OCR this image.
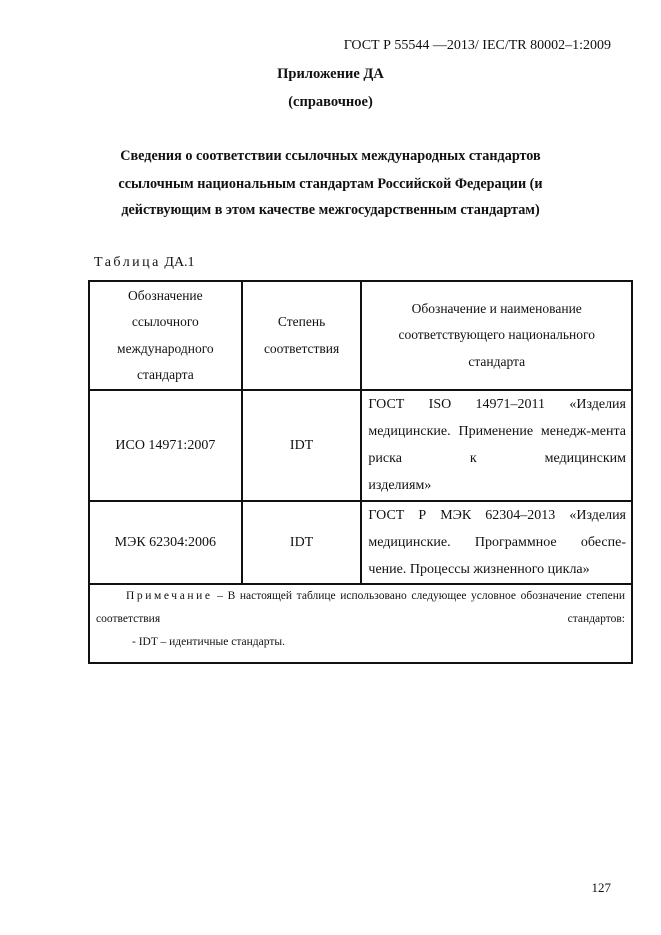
ГОСТ Р 55544 —2013/ IEC/TR 80002–1:2009
Приложение ДА
(справочное)
Сведения о соответствии ссылочных международных стандартов
ссылочным национальным стандартам Российской Федерации (и
действующим в этом качестве межгосударственным стандартам)
Таблица ДА.1
Обозначение ссылочного международного стандарта	Степень соответствия	Обозначение и наименование соответствующего национального стандарта

ИСО 14971:2007	IDT	ГОСТ ISO 14971–2011 «Изделия медицинские. Применение менедж-мента риска к медицинским
изделиям»

МЭК 62304:2006	IDT	ГОСТ Р МЭК 62304–2013 «Изделия медицинские. Программное обеспе-
чение. Процессы жизненного цикла»

Примечание – В настоящей таблице использовано следующее условное обозначение степени соответствия стандартов:
- IDT – идентичные стандарты.		
127
